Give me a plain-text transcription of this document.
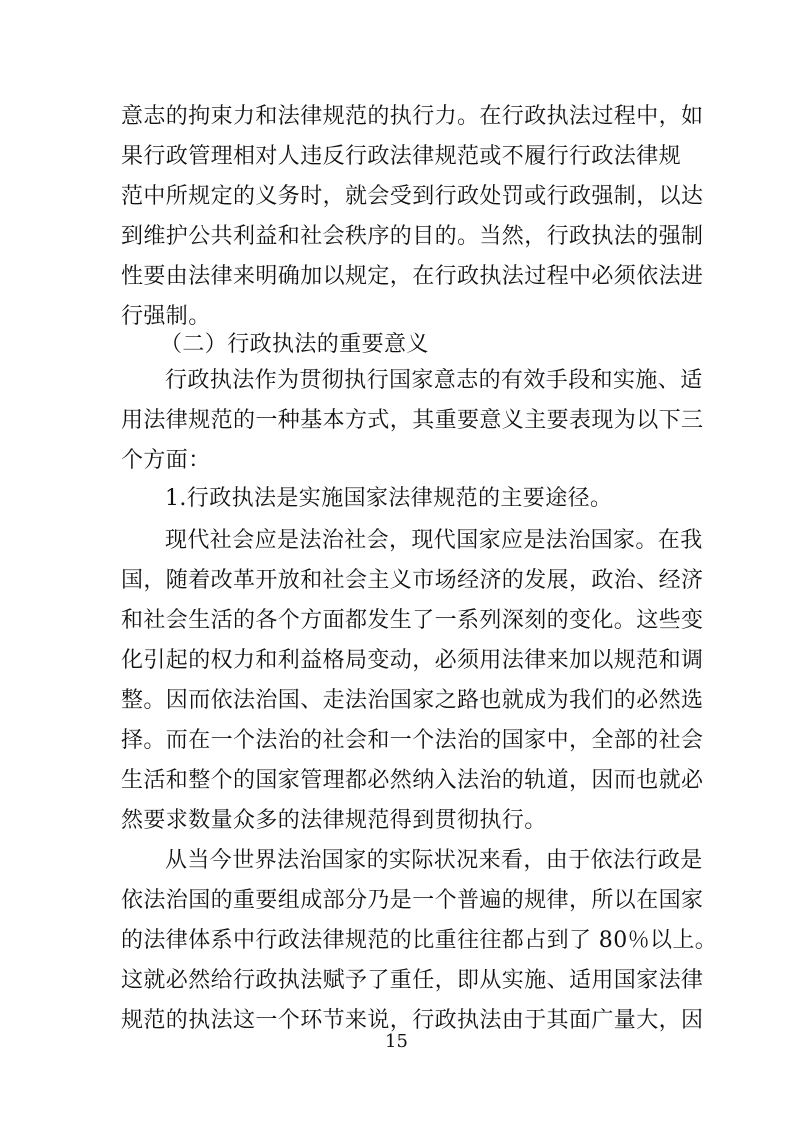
意志的拘束力和法律规范的执行力。在行政执法过程中，如
果行政管理相对人违反行政法律规范或不履行行政法律规
范中所规定的义务时，就会受到行政处罚或行政强制，以达
到维护公共利益和社会秩序的目的。当然，行政执法的强制
性要由法律来明确加以规定，在行政执法过程中必须依法进
行强制。
（二）行政执法的重要意义
行政执法作为贯彻执行国家意志的有效手段和实施、适
用法律规范的一种基本方式，其重要意义主要表现为以下三
个方面：
1.行政执法是实施国家法律规范的主要途径。
现代社会应是法治社会，现代国家应是法治国家。在我
国，随着改革开放和社会主义市场经济的发展，政治、经济
和社会生活的各个方面都发生了一系列深刻的变化。这些变
化引起的权力和利益格局变动，必须用法律来加以规范和调
整。因而依法治国、走法治国家之路也就成为我们的必然选
择。而在一个法治的社会和一个法治的国家中，全部的社会
生活和整个的国家管理都必然纳入法治的轨道，因而也就必
然要求数量众多的法律规范得到贯彻执行。
从当今世界法治国家的实际状况来看，由于依法行政是
依法治国的重要组成部分乃是一个普遍的规律，所以在国家
的法律体系中行政法律规范的比重往往都占到了 80％以上。
这就必然给行政执法赋予了重任，即从实施、适用国家法律
规范的执法这一个环节来说，行政执法由于其面广量大，因
15
